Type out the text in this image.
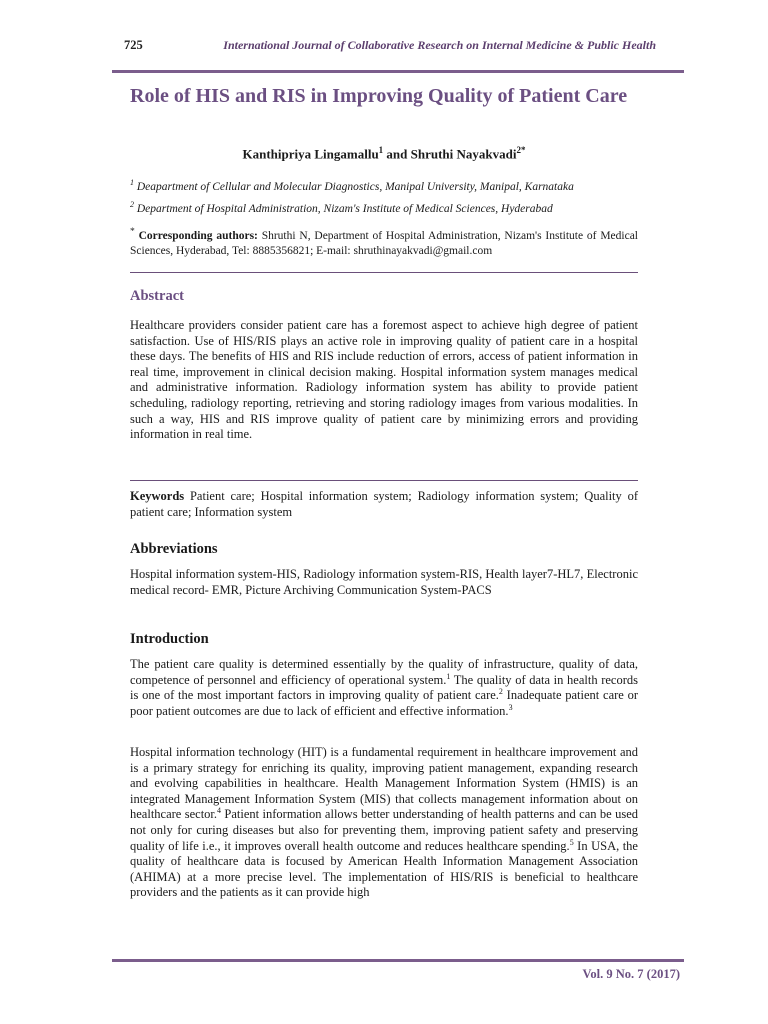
725	International Journal of Collaborative Research on Internal Medicine & Public Health
Role of HIS and RIS in Improving Quality of Patient Care
Kanthipriya Lingamallu$^1$ and Shruthi Nayakvadi$^{2*}$
$^1$ Deapartment of Cellular and Molecular Diagnostics, Manipal University, Manipal, Karnataka
$^2$ Department of Hospital Administration, Nizam's Institute of Medical Sciences, Hyderabad
* Corresponding authors: Shruthi N, Department of Hospital Administration, Nizam's Institute of Medical Sciences, Hyderabad, Tel: 8885356821; E-mail: shruthinayakvadi@gmail.com
Abstract
Healthcare providers consider patient care has a foremost aspect to achieve high degree of patient satisfaction. Use of HIS/RIS plays an active role in improving quality of patient care in a hospital these days. The benefits of HIS and RIS include reduction of errors, access of patient information in real time, improvement in clinical decision making. Hospital information system manages medical and administrative information. Radiology information system has ability to provide patient scheduling, radiology reporting, retrieving and storing radiology images from various modalities. In such a way, HIS and RIS improve quality of patient care by minimizing errors and providing information in real time.
Keywords Patient care; Hospital information system; Radiology information system; Quality of patient care; Information system
Abbreviations
Hospital information system-HIS, Radiology information system-RIS, Health layer7-HL7, Electronic medical record- EMR, Picture Archiving Communication System-PACS
Introduction
The patient care quality is determined essentially by the quality of infrastructure, quality of data, competence of personnel and efficiency of operational system.$^1$ The quality of data in health records is one of the most important factors in improving quality of patient care.$^2$ Inadequate patient care or poor patient outcomes are due to lack of efficient and effective information.$^3$
Hospital information technology (HIT) is a fundamental requirement in healthcare improvement and is a primary strategy for enriching its quality, improving patient management, expanding research and evolving capabilities in healthcare. Health Management Information System (HMIS) is an integrated Management Information System (MIS) that collects management information about on healthcare sector.$^4$ Patient information allows better understanding of health patterns and can be used not only for curing diseases but also for preventing them, improving patient safety and preserving quality of life i.e., it improves overall health outcome and reduces healthcare spending.$^5$ In USA, the quality of healthcare data is focused by American Health Information Management Association (AHIMA) at a more precise level. The implementation of HIS/RIS is beneficial to healthcare providers and the patients as it can provide high
Vol. 9 No. 7 (2017)
